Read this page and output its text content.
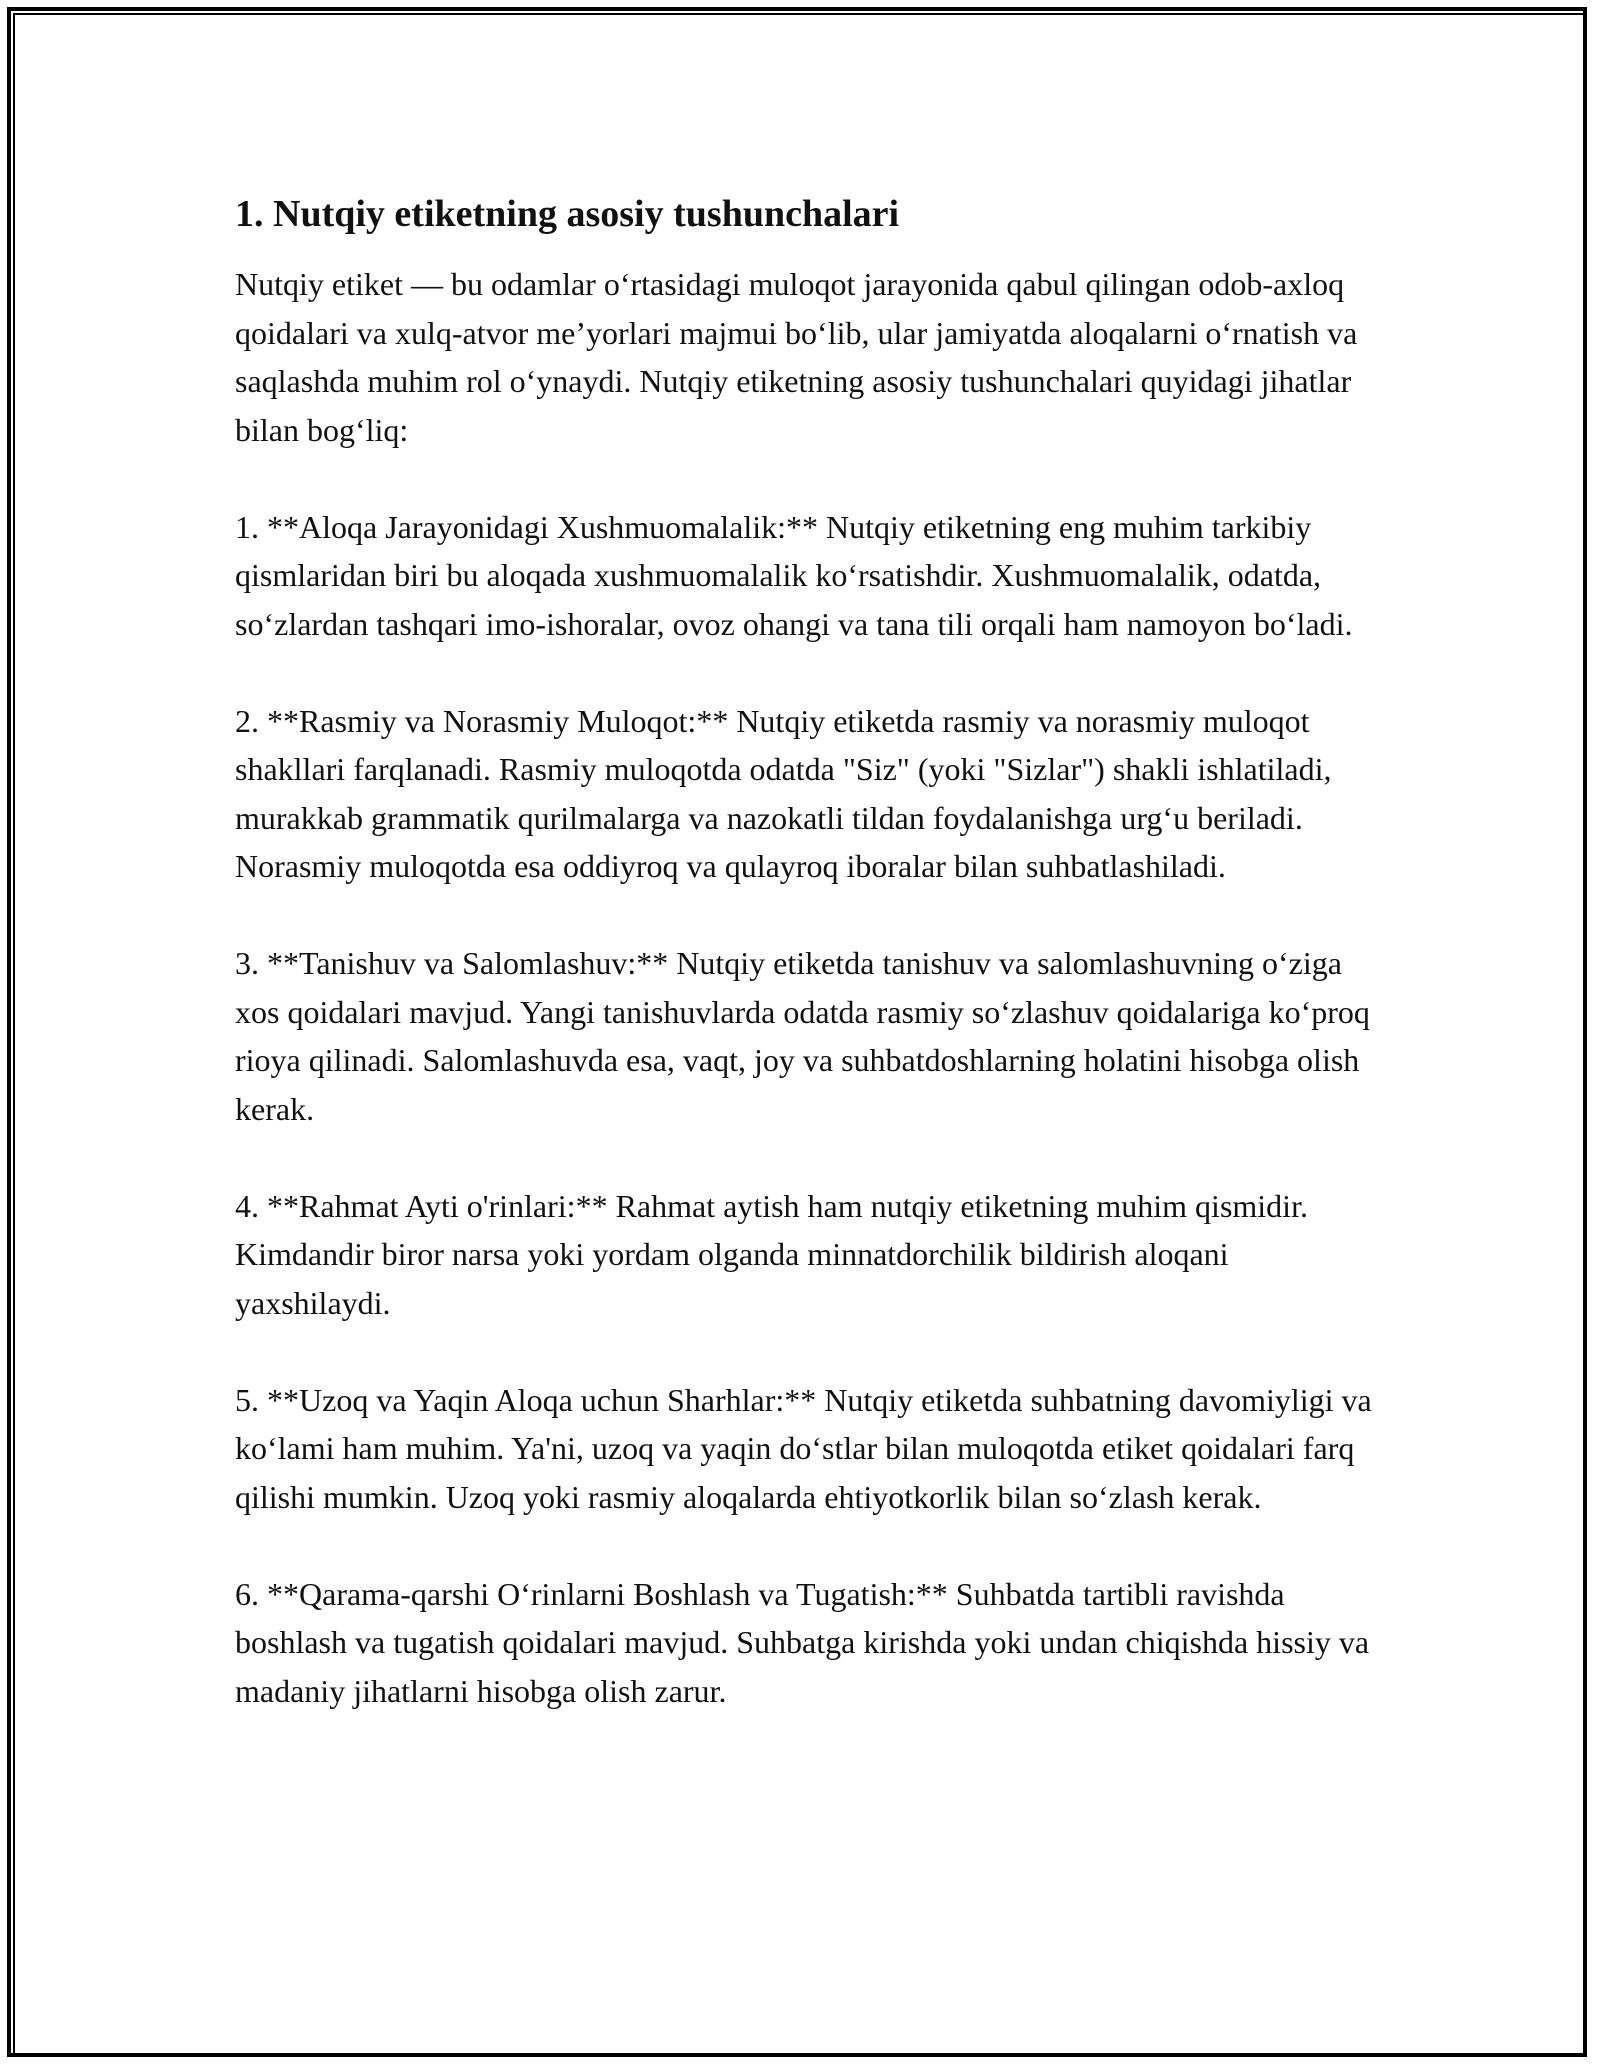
1. Nutqiy etiketning asosiy tushunchalari

Nutqiy etiket — bu odamlar o‘rtasidagi muloqot jarayonida qabul qilingan odob-axloq qoidalari va xulq-atvor me’yorlari majmui bo‘lib, ular jamiyatda aloqalarni o‘rnatish va saqlashda muhim rol o‘ynaydi. Nutqiy etiketning asosiy tushunchalari quyidagi jihatlar bilan bog‘liq:

1. **Aloqa Jarayonidagi Xushmuomalalik:** Nutqiy etiketning eng muhim tarkibiy qismlaridan biri bu aloqada xushmuomalalik ko‘rsatishdir. Xushmuomalalik, odatda, so‘zlardan tashqari imo-ishoralar, ovoz ohangi va tana tili orqali ham namoyon bo‘ladi.

2. **Rasmiy va Norasmiy Muloqot:** Nutqiy etiketda rasmiy va norasmiy muloqot shakllari farqlanadi. Rasmiy muloqotda odatda "Siz" (yoki "Sizlar") shakli ishlatiladi, murakkab grammatik qurilmalarga va nazokatli tildan foydalanishga urg‘u beriladi. Norasmiy muloqotda esa oddiyroq va qulayroq iboralar bilan suhbatlashiladi.

3. **Tanishuv va Salomlashuv:** Nutqiy etiketda tanishuv va salomlashuvning o‘ziga xos qoidalari mavjud. Yangi tanishuvlarda odatda rasmiy so‘zlashuv qoidalariga ko‘proq rioya qilinadi. Salomlashuvda esa, vaqt, joy va suhbatdoshlarning holatini hisobga olish kerak.

4. **Rahmat Ayti o'rinlari:** Rahmat aytish ham nutqiy etiketning muhim qismidir. Kimdandir biror narsa yoki yordam olganda minnatdorchilik bildirish aloqani yaxshilaydi.

5. **Uzoq va Yaqin Aloqa uchun Sharhlar:** Nutqiy etiketda suhbatning davomiyligi va ko‘lami ham muhim. Ya'ni, uzoq va yaqin do‘stlar bilan muloqotda etiket qoidalari farq qilishi mumkin. Uzoq yoki rasmiy aloqalarda ehtiyotkorlik bilan so‘zlash kerak.

6. **Qarama-qarshi O‘rinlarni Boshlash va Tugatish:** Suhbatda tartibli ravishda boshlash va tugatish qoidalari mavjud. Suhbatga kirishda yoki undan chiqishda hissiy va madaniy jihatlarni hisobga olish zarur.
